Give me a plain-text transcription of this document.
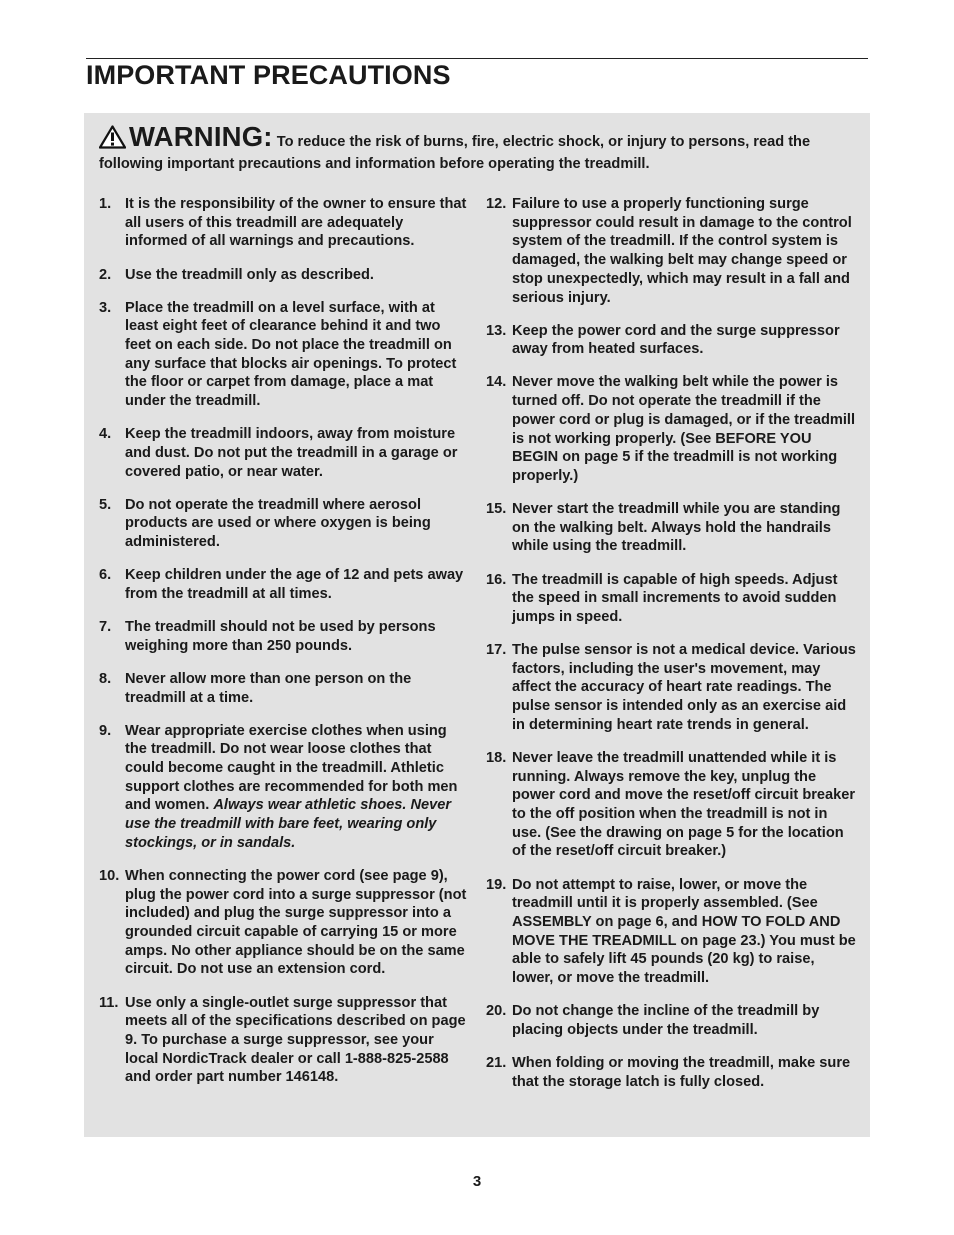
IMPORTANT PRECAUTIONS
WARNING: To reduce the risk of burns, fire, electric shock, or injury to persons, read the following important precautions and information before operating the treadmill.
1. It is the responsibility of the owner to ensure that all users of this treadmill are adequately informed of all warnings and precautions.
2. Use the treadmill only as described.
3. Place the treadmill on a level surface, with at least eight feet of clearance behind it and two feet on each side. Do not place the treadmill on any surface that blocks air openings. To protect the floor or carpet from damage, place a mat under the treadmill.
4. Keep the treadmill indoors, away from moisture and dust. Do not put the treadmill in a garage or covered patio, or near water.
5. Do not operate the treadmill where aerosol products are used or where oxygen is being administered.
6. Keep children under the age of 12 and pets away from the treadmill at all times.
7. The treadmill should not be used by persons weighing more than 250 pounds.
8. Never allow more than one person on the treadmill at a time.
9. Wear appropriate exercise clothes when using the treadmill. Do not wear loose clothes that could become caught in the treadmill. Athletic support clothes are recommended for both men and women. Always wear athletic shoes. Never use the treadmill with bare feet, wearing only stockings, or in sandals.
10. When connecting the power cord (see page 9), plug the power cord into a surge suppressor (not included) and plug the surge suppressor into a grounded circuit capable of carrying 15 or more amps. No other appliance should be on the same circuit. Do not use an extension cord.
11. Use only a single-outlet surge suppressor that meets all of the specifications described on page 9. To purchase a surge suppressor, see your local NordicTrack dealer or call 1-888-825-2588 and order part number 146148.
12. Failure to use a properly functioning surge suppressor could result in damage to the control system of the treadmill. If the control system is damaged, the walking belt may change speed or stop unexpectedly, which may result in a fall and serious injury.
13. Keep the power cord and the surge suppressor away from heated surfaces.
14. Never move the walking belt while the power is turned off. Do not operate the treadmill if the power cord or plug is damaged, or if the treadmill is not working properly. (See BEFORE YOU BEGIN on page 5 if the treadmill is not working properly.)
15. Never start the treadmill while you are standing on the walking belt. Always hold the handrails while using the treadmill.
16. The treadmill is capable of high speeds. Adjust the speed in small increments to avoid sudden jumps in speed.
17. The pulse sensor is not a medical device. Various factors, including the user's movement, may affect the accuracy of heart rate readings. The pulse sensor is intended only as an exercise aid in determining heart rate trends in general.
18. Never leave the treadmill unattended while it is running. Always remove the key, unplug the power cord and move the reset/off circuit breaker to the off position when the treadmill is not in use. (See the drawing on page 5 for the location of the reset/off circuit breaker.)
19. Do not attempt to raise, lower, or move the treadmill until it is properly assembled. (See ASSEMBLY on page 6, and HOW TO FOLD AND MOVE THE TREADMILL on page 23.) You must be able to safely lift 45 pounds (20 kg) to raise, lower, or move the treadmill.
20. Do not change the incline of the treadmill by placing objects under the treadmill.
21. When folding or moving the treadmill, make sure that the storage latch is fully closed.
3
